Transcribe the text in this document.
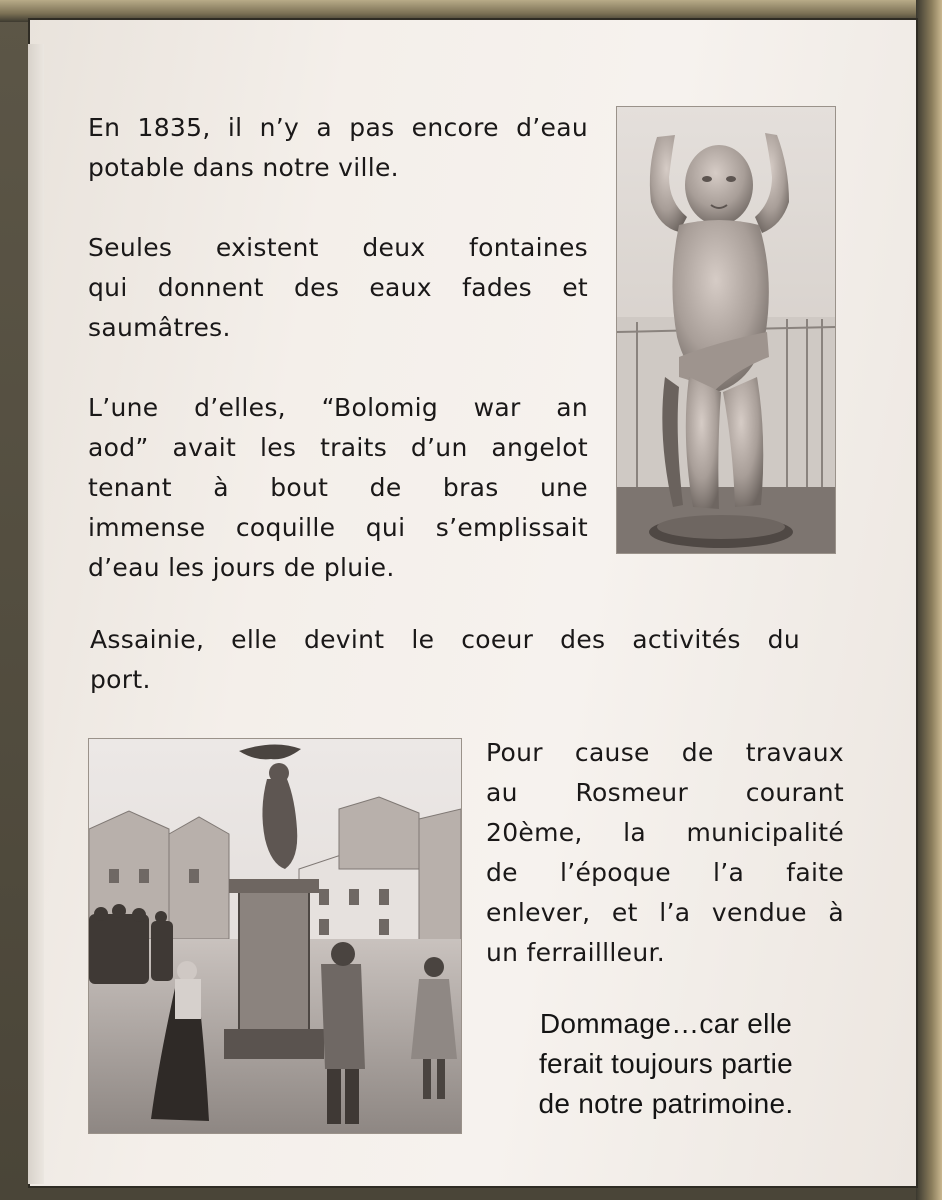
En 1835, il n’y a pas encore d’eau
potable dans notre ville.
Seules existent deux fontaines
qui donnent des eaux fades et
saumâtres.
L’une d’elles, “Bolomig war an
aod” avait les traits d’un angelot
tenant à bout de bras une
immense coquille qui s’emplissait
d’eau les jours de pluie.
Assainie, elle devint le coeur des activités du
port.
Pour cause de travaux
au Rosmeur courant
20ème, la municipalité
de l’époque l’a faite
enlever, et l’a vendue à
un ferraillleur.
Dommage…car elle
ferait toujours partie
de notre patrimoine.
